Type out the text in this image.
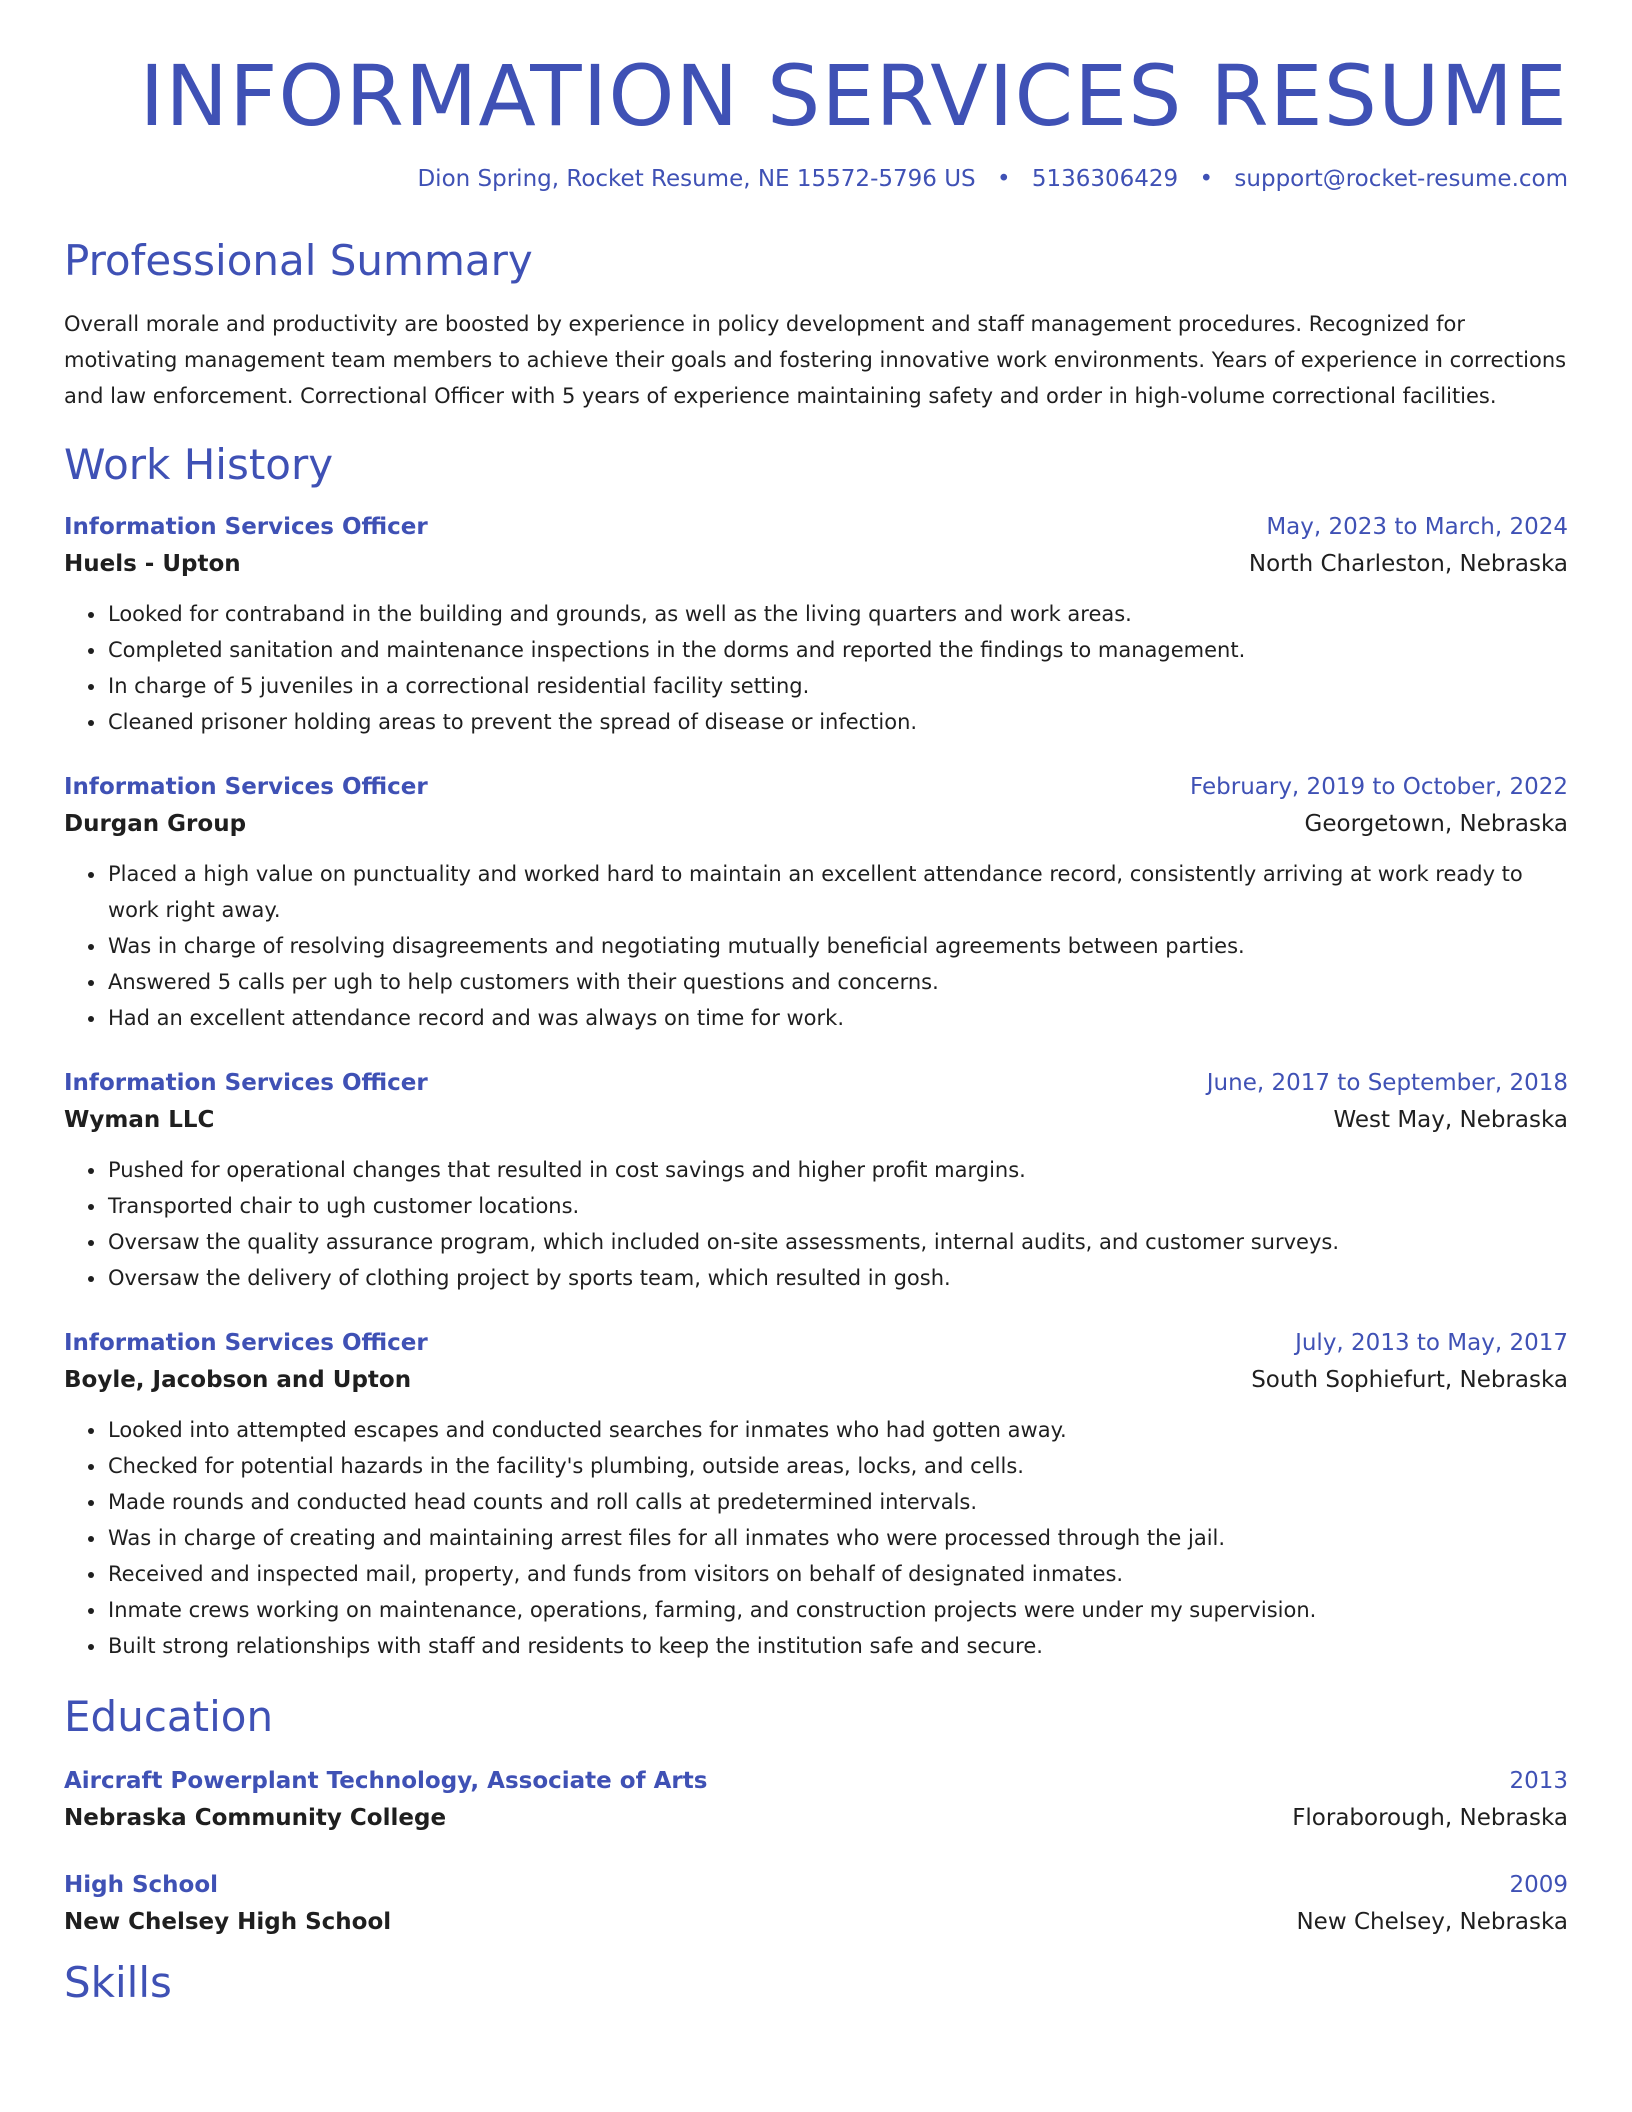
INFORMATION SERVICES RESUME
Dion Spring, Rocket Resume, NE 15572-5796 US • 5136306429 • support@rocket-resume.com
Professional Summary
Overall morale and productivity are boosted by experience in policy development and staff management procedures. Recognized for motivating management team members to achieve their goals and fostering innovative work environments. Years of experience in corrections and law enforcement. Correctional Officer with 5 years of experience maintaining safety and order in high-volume correctional facilities.
Work History
Information Services Officer	May, 2023 to March, 2024
Huels - Upton	North Charleston, Nebraska
• Looked for contraband in the building and grounds, as well as the living quarters and work areas.
• Completed sanitation and maintenance inspections in the dorms and reported the findings to management.
• In charge of 5 juveniles in a correctional residential facility setting.
• Cleaned prisoner holding areas to prevent the spread of disease or infection.
Information Services Officer	February, 2019 to October, 2022
Durgan Group	Georgetown, Nebraska
• Placed a high value on punctuality and worked hard to maintain an excellent attendance record, consistently arriving at work ready to work right away.
• Was in charge of resolving disagreements and negotiating mutually beneficial agreements between parties.
• Answered 5 calls per ugh to help customers with their questions and concerns.
• Had an excellent attendance record and was always on time for work.
Information Services Officer	June, 2017 to September, 2018
Wyman LLC	West May, Nebraska
• Pushed for operational changes that resulted in cost savings and higher profit margins.
• Transported chair to ugh customer locations.
• Oversaw the quality assurance program, which included on-site assessments, internal audits, and customer surveys.
• Oversaw the delivery of clothing project by sports team, which resulted in gosh.
Information Services Officer	July, 2013 to May, 2017
Boyle, Jacobson and Upton	South Sophiefurt, Nebraska
• Looked into attempted escapes and conducted searches for inmates who had gotten away.
• Checked for potential hazards in the facility's plumbing, outside areas, locks, and cells.
• Made rounds and conducted head counts and roll calls at predetermined intervals.
• Was in charge of creating and maintaining arrest files for all inmates who were processed through the jail.
• Received and inspected mail, property, and funds from visitors on behalf of designated inmates.
• Inmate crews working on maintenance, operations, farming, and construction projects were under my supervision.
• Built strong relationships with staff and residents to keep the institution safe and secure.
Education
Aircraft Powerplant Technology, Associate of Arts	2013
Nebraska Community College	Floraborough, Nebraska
High School	2009
New Chelsey High School	New Chelsey, Nebraska
Skills
